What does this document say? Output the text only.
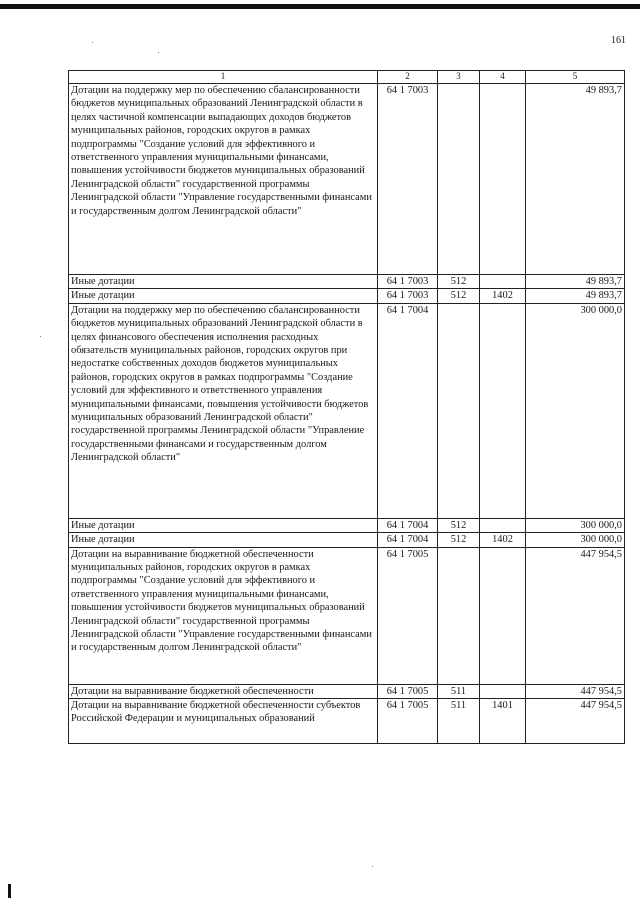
161
1	2	3	4	5
Дотации на поддержку мер по обеспечению сбалансированности бюджетов муниципальных образований Ленинградской области в целях частичной компенсации выпадающих доходов бюджетов муниципальных районов, городских округов в рамках подпрограммы "Создание условий для эффективного и ответственного управления муниципальными финансами, повышения устойчивости бюджетов муниципальных образований Ленинградской области" государственной программы Ленинградской области "Управление государственными финансами и государственным долгом Ленинградской области"	64 1 7003			49 893,7
Иные дотации	64 1 7003	512		49 893,7
Иные дотации	64 1 7003	512	1402	49 893,7
Дотации на поддержку мер по обеспечению сбалансированности бюджетов муниципальных образований Ленинградской области в целях финансового обеспечения исполнения расходных обязательств муниципальных районов, городских округов при недостатке собственных доходов бюджетов муниципальных районов, городских округов в рамках подпрограммы "Создание условий для эффективного и ответственного управления муниципальными финансами, повышения устойчивости бюджетов муниципальных образований Ленинградской области" государственной программы Ленинградской области "Управление государственными финансами и государственным долгом Ленинградской области"	64 1 7004			300 000,0
Иные дотации	64 1 7004	512		300 000,0
Иные дотации	64 1 7004	512	1402	300 000,0
Дотации на выравнивание бюджетной обеспеченности муниципальных районов, городских округов в рамках подпрограммы "Создание условий для эффективного и ответственного управления муниципальными финансами, повышения устойчивости бюджетов муниципальных образований Ленинградской области" государственной программы Ленинградской области "Управление государственными финансами и государственным долгом Ленинградской области"	64 1 7005			447 954,5
Дотации на выравнивание бюджетной обеспеченности	64 1 7005	511		447 954,5
Дотации на выравнивание бюджетной обеспеченности субъектов Российской Федерации и муниципальных образований	64 1 7005	511	1401	447 954,5
